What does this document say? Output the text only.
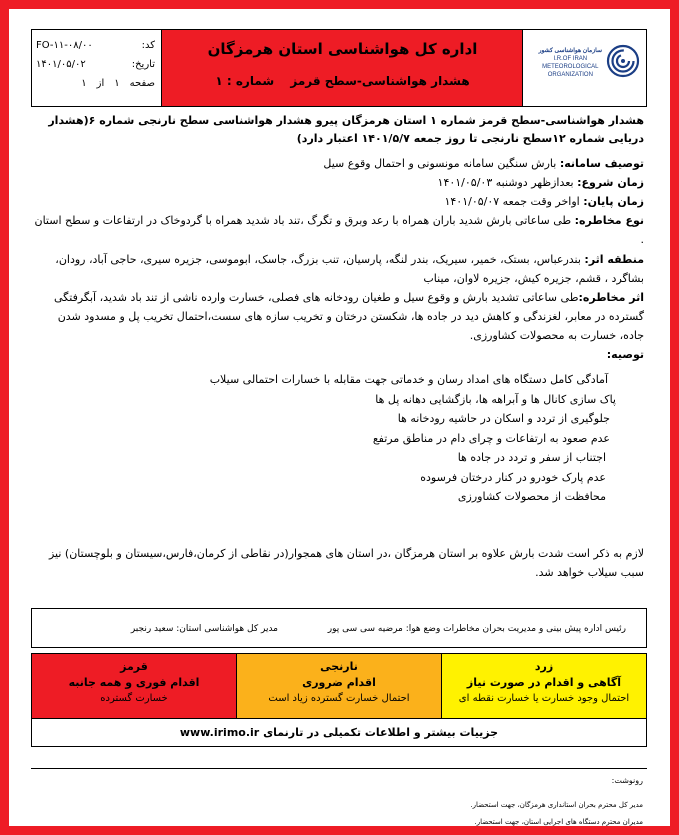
کد:
FO-۱۱-۰۸/۰۰
تاریخ:
۱۴۰۱/۰۵/۰۲
صفحه
۱
از
۱
اداره کل هواشناسی استان هرمزگان
هشدار هواشناسی-سطح قرمز شماره : ۱
سازمان هواشناسی کشور
I.R.OF IRAN
METEOROLOGICAL
ORGANIZATION
هشدار هواشناسی-سطح قرمز شماره ۱ استان هرمزگان پیرو هشدار هواشناسی سطح نارنجی شماره ۶(هشدار دریایی شماره ۱۲سطح نارنجی تا روز جمعه ۱۴۰۱/۵/۷ اعتبار دارد)
توصیف سامانه: بارش سنگین سامانه مونسونی و احتمال وقوع سیل
زمان شروع: بعدازظهر دوشنبه ۱۴۰۱/۰۵/۰۳
زمان پایان: اواخر وقت جمعه ۱۴۰۱/۰۵/۰۷
نوع مخاطره: طی ساعاتی بارش شدید باران همراه با رعد وبرق و تگرگ ،تند باد شدید همراه با گردوخاک در ارتفاعات و سطح استان .
منطقه اثر: بندرعباس، بستک، خمیر، سیریک، بندر لنگه، پارسیان، تنب بزرگ، جاسک، ابوموسی، جزیره سیری، حاجی آباد، رودان، بشاگرد ، قشم، جزیره کیش، جزیره لاوان، میناب
اثر مخاطره:طی ساعاتی تشدید بارش و وقوع سیل و طغیان رودخانه های فصلی، خسارت وارده ناشی از تند باد شدید، آبگرفتگی گسترده در معابر، لغزندگی و کاهش دید در جاده ها، شکستن درختان و تخریب سازه های سست،احتمال تخریب پل و مسدود شدن جاده، خسارت به محصولات کشاورزی.
توصیه:
آمادگی کامل دستگاه های امداد رسان و خدماتی جهت مقابله با خسارات احتمالی سیلاب
پاک سازی کانال ها و آبراهه ها، بازگشایی دهانه پل ها
جلوگیری از تردد و اسکان در حاشیه رودخانه ها
عدم صعود به ارتفاعات و چرای دام در مناطق مرتفع
اجتناب از سفر و تردد در جاده ها
عدم پارک خودرو در کنار درختان فرسوده
محافظت از محصولات کشاورزی
لازم به ذکر است شدت بارش علاوه بر استان هرمزگان ،در استان های همجوار(در نقاطی از کرمان،فارس،سیستان و بلوچستان) نیز سبب سیلاب خواهد شد.
رئیس اداره پیش بینی و مدیریت بحران مخاطرات وضع هوا: مرضیه سی سی پور
مدیر کل هواشناسی استان: سعید رنجبر
زرد
آگاهی و اقدام در صورت نیاز
احتمال وجود خسارت یا خسارت نقطه ای
نارنجی
اقدام ضروری
احتمال خسارت گسترده زیاد است
قرمز
اقدام فوری و همه جانبه
خسارت گسترده
جزییات بیشتر و اطلاعات تکمیلی در تارنمای www.irimo.ir
رونوشت:
مدیر کل محترم بحران استانداری هرمزگان، جهت استحضار.
مدیران محترم دستگاه های اجرایی استان، جهت استحضار.
